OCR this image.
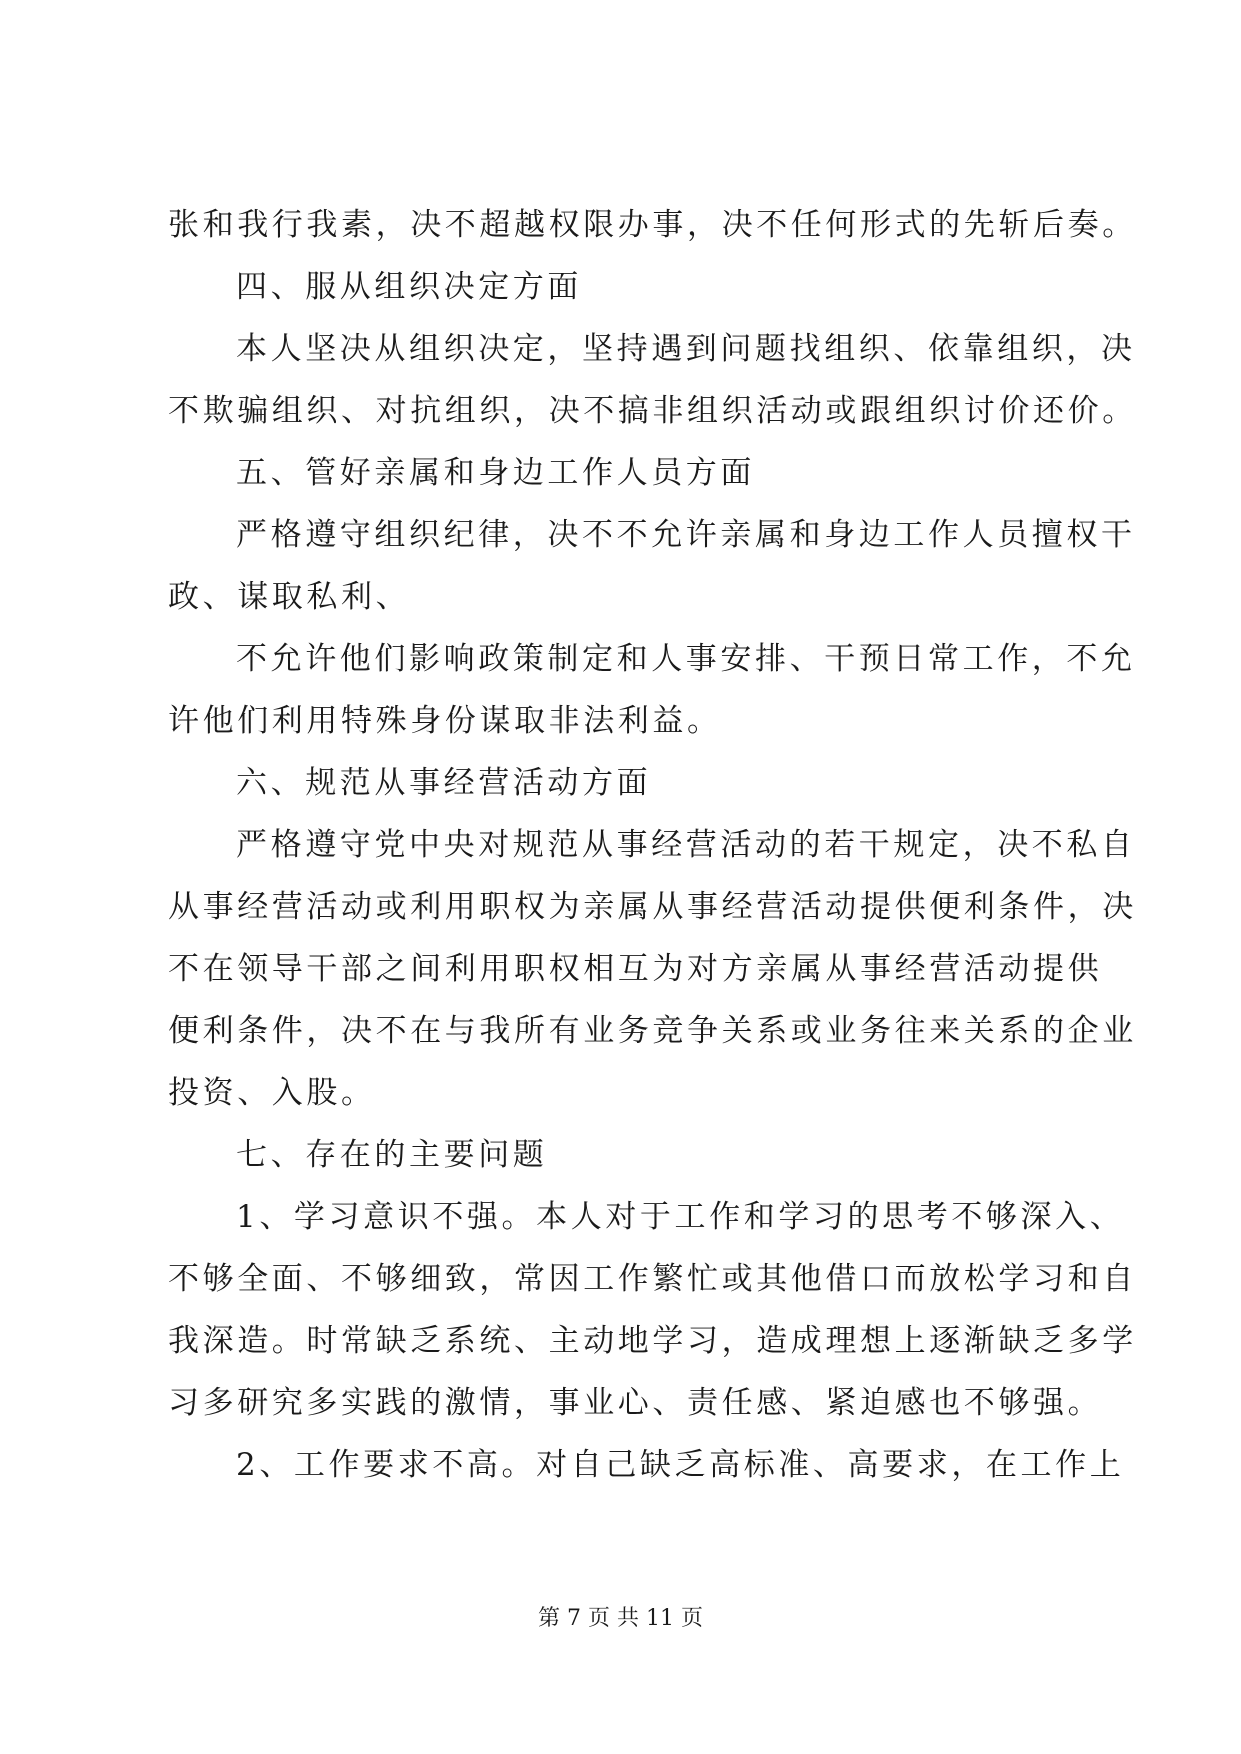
张和我行我素，决不超越权限办事，决不任何形式的先斩后奏。
四、服从组织决定方面
本人坚决从组织决定，坚持遇到问题找组织、依靠组织，决
不欺骗组织、对抗组织，决不搞非组织活动或跟组织讨价还价。
五、管好亲属和身边工作人员方面
严格遵守组织纪律，决不不允许亲属和身边工作人员擅权干
政、谋取私利、
不允许他们影响政策制定和人事安排、干预日常工作，不允
许他们利用特殊身份谋取非法利益。
六、规范从事经营活动方面
严格遵守党中央对规范从事经营活动的若干规定，决不私自
从事经营活动或利用职权为亲属从事经营活动提供便利条件，决
不在领导干部之间利用职权相互为对方亲属从事经营活动提供
便利条件，决不在与我所有业务竞争关系或业务往来关系的企业
投资、入股。
七、存在的主要问题
1、学习意识不强。本人对于工作和学习的思考不够深入、
不够全面、不够细致，常因工作繁忙或其他借口而放松学习和自
我深造。时常缺乏系统、主动地学习，造成理想上逐渐缺乏多学
习多研究多实践的激情，事业心、责任感、紧迫感也不够强。
2、工作要求不高。对自己缺乏高标准、高要求，在工作上
第 7 页 共 11 页
